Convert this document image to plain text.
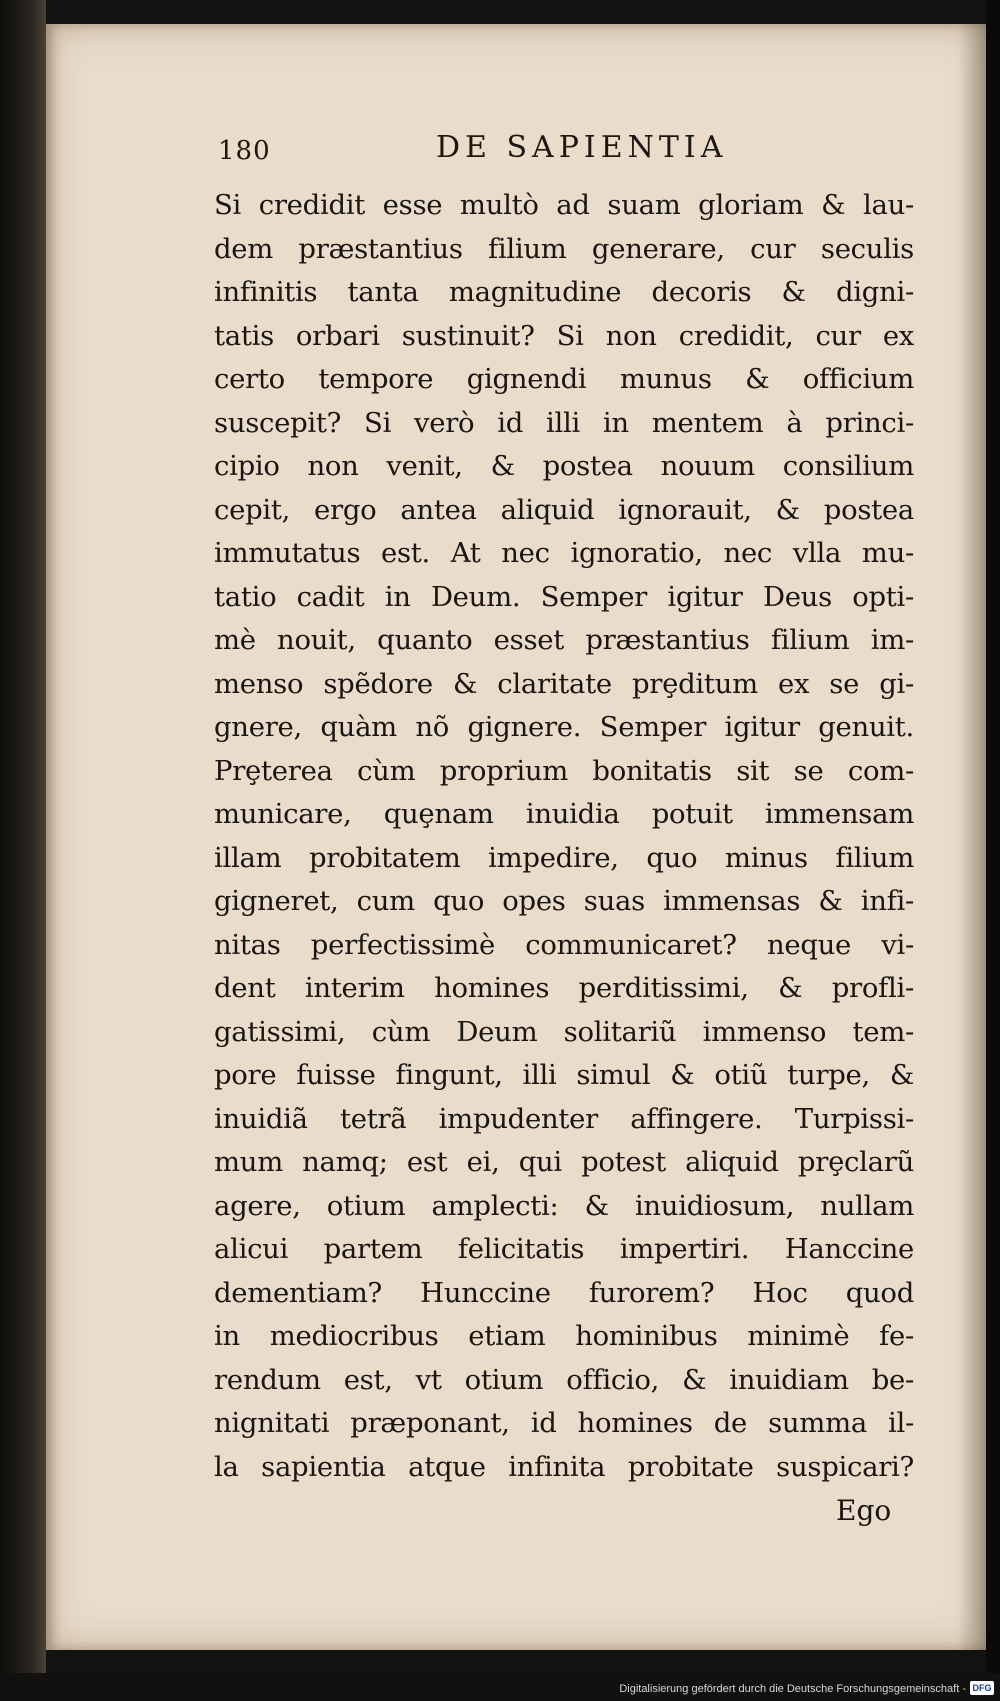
180	DE SAPIENTIA
Si credidit esse multò ad suam gloriam & lau-
dem præstantius filium generare, cur seculis
infinitis tanta magnitudine decoris & digni-
tatis orbari sustinuit? Si non credidit, cur ex
certo tempore gignendi munus & officium
suscepit? Si verò id illi in mentem à princi-
cipio non venit, & postea nouum consilium
cepit, ergo antea aliquid ignorauit, & postea
immutatus est. At nec ignoratio, nec vlla mu-
tatio cadit in Deum. Semper igitur Deus opti-
mè nouit, quanto esset præstantius filium im-
menso spẽdore & claritate prȩditum ex se gi-
gnere, quàm nõ gignere. Semper igitur genuit.
Prȩterea cùm proprium bonitatis sit se com-
municare, quȩnam inuidia potuit immensam
illam probitatem impedire, quo minus filium
gigneret, cum quo opes suas immensas & infi-
nitas perfectissimè communicaret? neque vi-
dent interim homines perditissimi, & profli-
gatissimi, cùm Deum solitariũ immenso tem-
pore fuisse fingunt, illi simul & otiũ turpe, &
inuidiã tetrã impudenter affingere. Turpissi-
mum namq; est ei, qui potest aliquid prȩclarũ
agere, otium amplecti: & inuidiosum, nullam
alicui partem felicitatis impertiri. Hanccine
dementiam? Hunccine furorem? Hoc quod
in mediocribus etiam hominibus minimè fe-
rendum est, vt otium officio, & inuidiam be-
nignitati præponant, id homines de summa il-
la sapientia atque infinita probitate suspicari?
Ego
Digitalisierung gefördert durch die Deutsche Forschungsgemeinschaft - DFG
